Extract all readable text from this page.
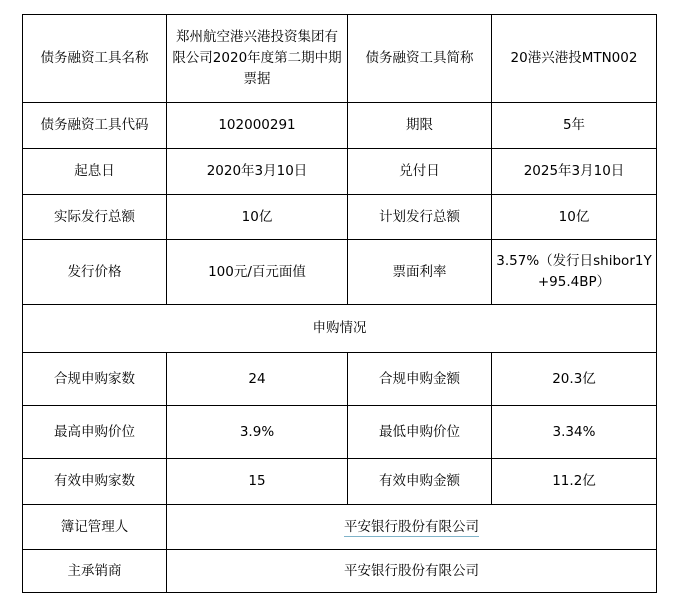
债务融资工具名称	郑州航空港兴港投资集团有限公司2020年度第二期中期票据	债务融资工具简称	20港兴港投MTN002
债务融资工具代码	102000291	期限	5年
起息日	2020年3月10日	兑付日	2025年3月10日
实际发行总额	10亿	计划发行总额	10亿
发行价格	100元/百元面值	票面利率	3.57%（发行日shibor1Y+95.4BP）
申购情况			
合规申购家数	24	合规申购金额	20.3亿
最高申购价位	3.9%	最低申购价位	3.34%
有效申购家数	15	有效申购金额	11.2亿
簿记管理人	平安银行股份有限公司		
主承销商	平安银行股份有限公司		
